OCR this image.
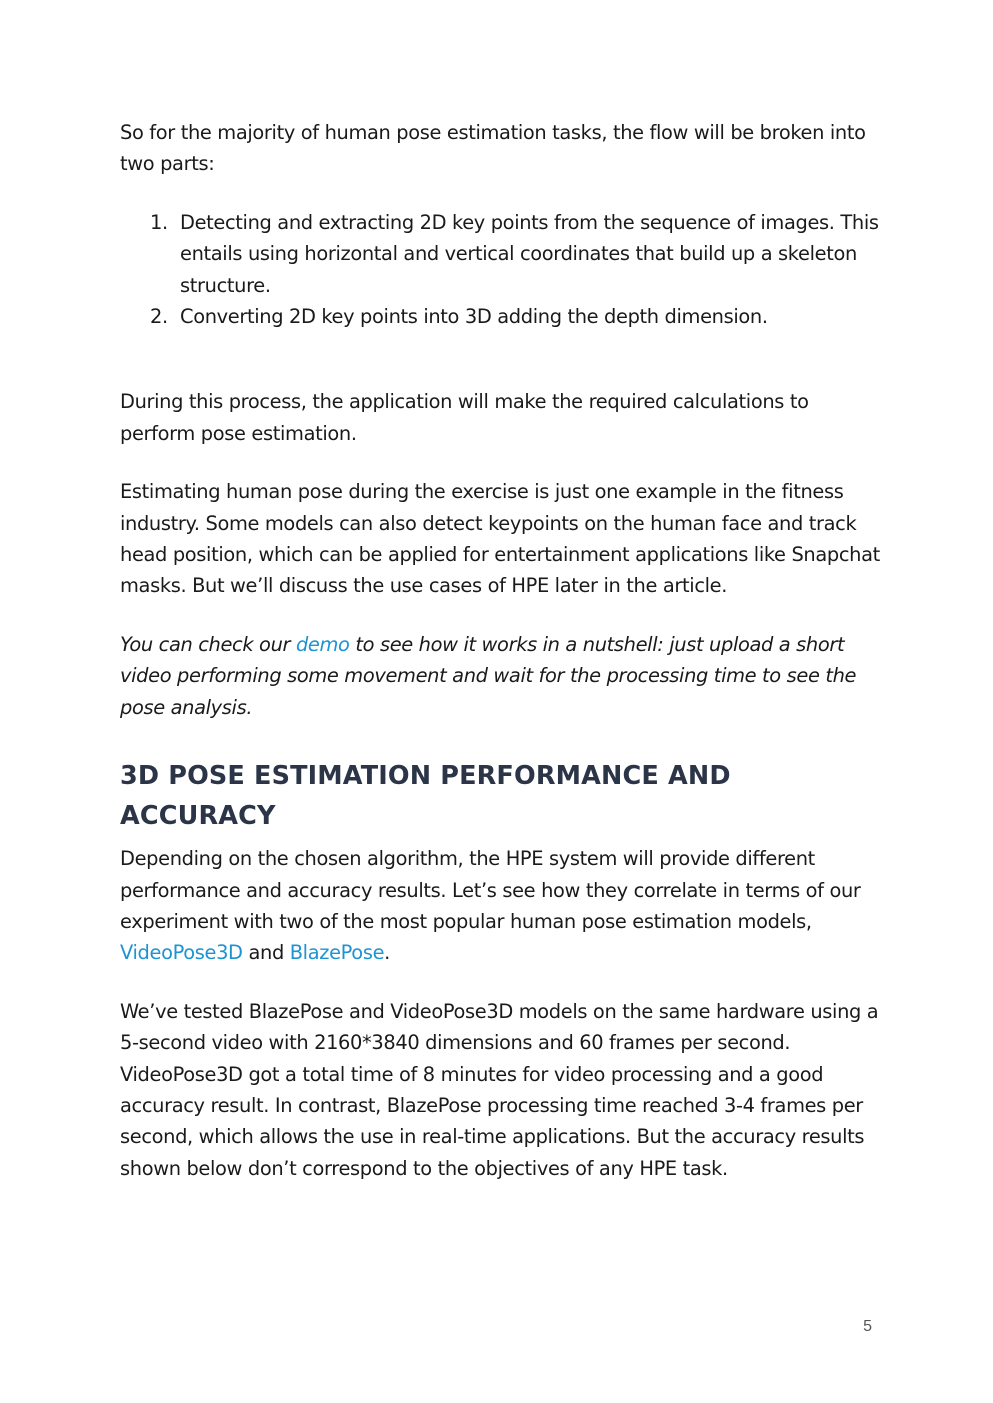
So for the majority of human pose estimation tasks, the flow will be broken into two parts:

1. Detecting and extracting 2D key points from the sequence of images. This entails using horizontal and vertical coordinates that build up a skeleton structure.
2. Converting 2D key points into 3D adding the depth dimension.

During this process, the application will make the required calculations to perform pose estimation.

Estimating human pose during the exercise is just one example in the fitness industry. Some models can also detect keypoints on the human face and track head position, which can be applied for entertainment applications like Snapchat masks. But we’ll discuss the use cases of HPE later in the article.

You can check our demo to see how it works in a nutshell: just upload a short video performing some movement and wait for the processing time to see the pose analysis.

3D POSE ESTIMATION PERFORMANCE AND ACCURACY

Depending on the chosen algorithm, the HPE system will provide different performance and accuracy results. Let’s see how they correlate in terms of our experiment with two of the most popular human pose estimation models, VideoPose3D and BlazePose.

We’ve tested BlazePose and VideoPose3D models on the same hardware using a 5-second video with 2160*3840 dimensions and 60 frames per second. VideoPose3D got a total time of 8 minutes for video processing and a good accuracy result. In contrast, BlazePose processing time reached 3-4 frames per second, which allows the use in real-time applications. But the accuracy results shown below don’t correspond to the objectives of any HPE task.

5
